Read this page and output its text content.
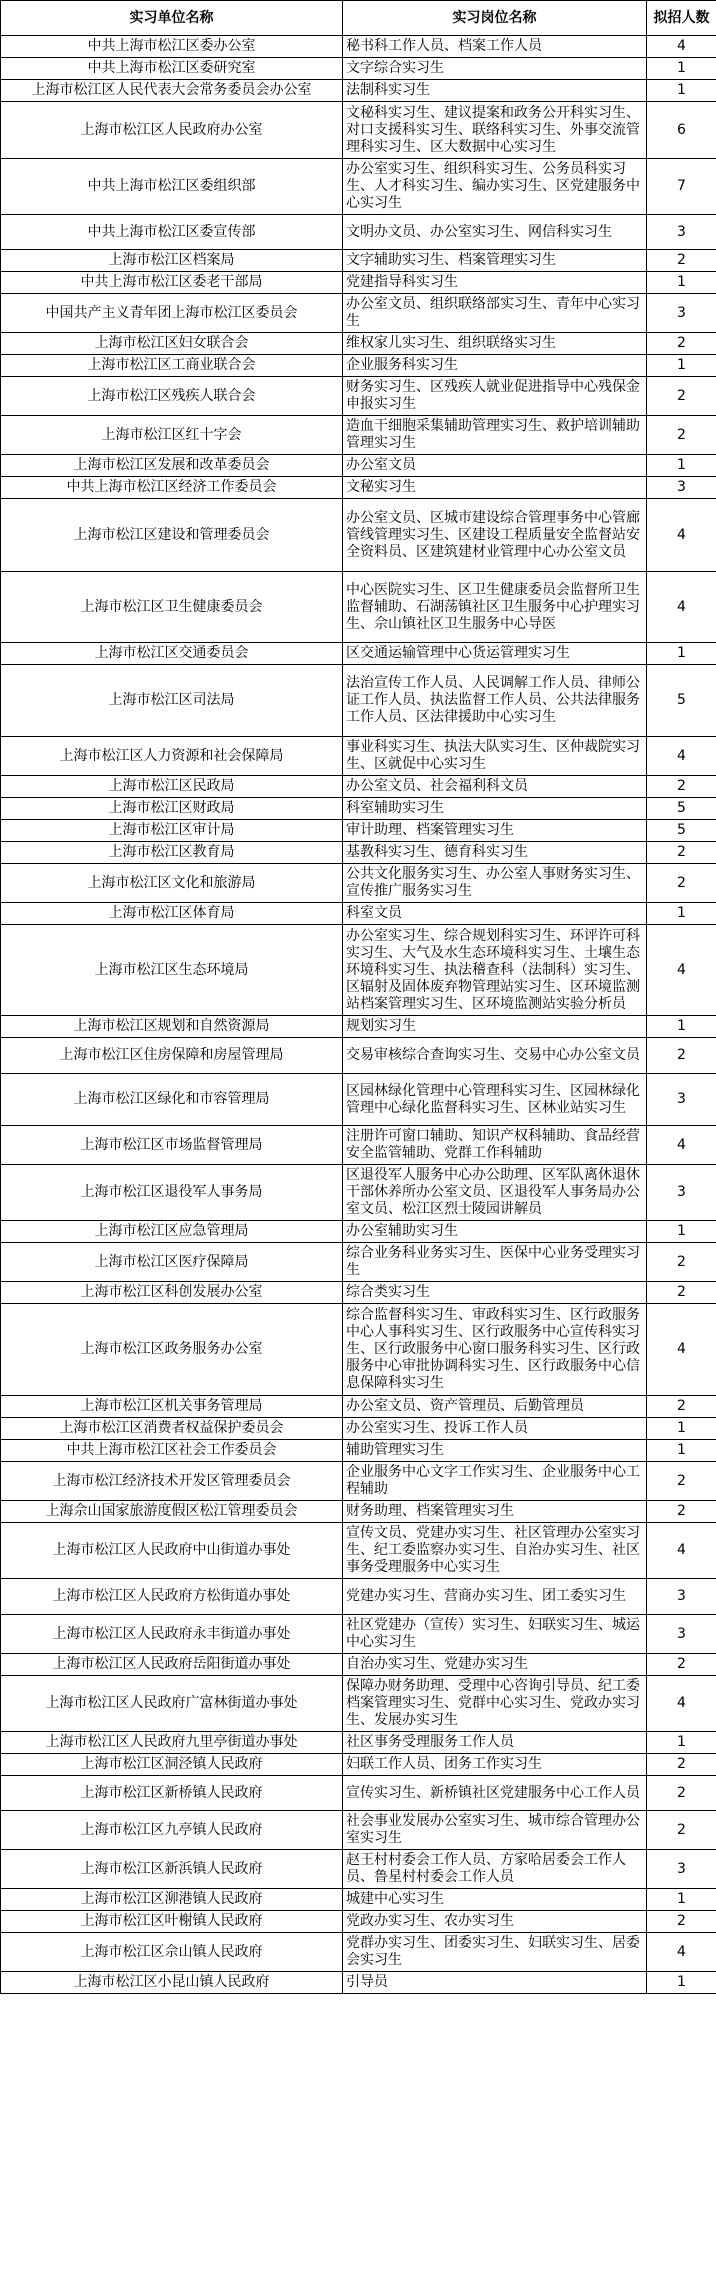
实习单位名称	实习岗位名称	拟招人数
中共上海市松江区委办公室	秘书科工作人员、档案工作人员	4
中共上海市松江区委研究室	文字综合实习生	1
上海市松江区人民代表大会常务委员会办公室	法制科实习生	1
上海市松江区人民政府办公室	文秘科实习生、建议提案和政务公开科实习生、对口支援科实习生、联络科实习生、外事交流管理科实习生、区大数据中心实习生	6
中共上海市松江区委组织部	办公室实习生、组织科实习生、公务员科实习生、人才科实习生、编办实习生、区党建服务中心实习生	7
中共上海市松江区委宣传部	文明办文员、办公室实习生、网信科实习生	3
上海市松江区档案局	文字辅助实习生、档案管理实习生	2
中共上海市松江区委老干部局	党建指导科实习生	1
中国共产主义青年团上海市松江区委员会	办公室文员、组织联络部实习生、青年中心实习生	3
上海市松江区妇女联合会	维权家儿实习生、组织联络实习生	2
上海市松江区工商业联合会	企业服务科实习生	1
上海市松江区残疾人联合会	财务实习生、区残疾人就业促进指导中心残保金申报实习生	2
上海市松江区红十字会	造血干细胞采集辅助管理实习生、救护培训辅助管理实习生	2
上海市松江区发展和改革委员会	办公室文员	1
中共上海市松江区经济工作委员会	文秘实习生	3
上海市松江区建设和管理委员会	办公室文员、区城市建设综合管理事务中心管廊管线管理实习生、区建设工程质量安全监督站安全资料员、区建筑建材业管理中心办公室文员	4
上海市松江区卫生健康委员会	中心医院实习生、区卫生健康委员会监督所卫生监督辅助、石湖荡镇社区卫生服务中心护理实习生、佘山镇社区卫生服务中心导医	4
上海市松江区交通委员会	区交通运输管理中心货运管理实习生	1
上海市松江区司法局	法治宣传工作人员、人民调解工作人员、律师公证工作人员、执法监督工作人员、公共法律服务工作人员、区法律援助中心实习生	5
上海市松江区人力资源和社会保障局	事业科实习生、执法大队实习生、区仲裁院实习生、区就促中心实习生	4
上海市松江区民政局	办公室文员、社会福利科文员	2
上海市松江区财政局	科室辅助实习生	5
上海市松江区审计局	审计助理、档案管理实习生	5
上海市松江区教育局	基教科实习生、德育科实习生	2
上海市松江区文化和旅游局	公共文化服务实习生、办公室人事财务实习生、宣传推广服务实习生	2
上海市松江区体育局	科室文员	1
上海市松江区生态环境局	办公室实习生、综合规划科实习生、环评许可科实习生、大气及水生态环境科实习生、土壤生态环境科实习生、执法稽查科（法制科）实习生、区辐射及固体废弃物管理站实习生、区环境监测站档案管理实习生、区环境监测站实验分析员	4
上海市松江区规划和自然资源局	规划实习生	1
上海市松江区住房保障和房屋管理局	交易审核综合查询实习生、交易中心办公室文员	2
上海市松江区绿化和市容管理局	区园林绿化管理中心管理科实习生、区园林绿化管理中心绿化监督科实习生、区林业站实习生	3
上海市松江区市场监督管理局	注册许可窗口辅助、知识产权科辅助、食品经营安全监管辅助、党群工作科辅助	4
上海市松江区退役军人事务局	区退役军人服务中心办公助理、区军队离休退休干部休养所办公室文员、区退役军人事务局办公室文员、松江区烈士陵园讲解员	3
上海市松江区应急管理局	办公室辅助实习生	1
上海市松江区医疗保障局	综合业务科业务实习生、医保中心业务受理实习生	2
上海市松江区科创发展办公室	综合类实习生	2
上海市松江区政务服务办公室	综合监督科实习生、审政科实习生、区行政服务中心人事科实习生、区行政服务中心宣传科实习生、区行政服务中心窗口服务科实习生、区行政服务中心审批协调科实习生、区行政服务中心信息保障科实习生	4
上海市松江区机关事务管理局	办公室文员、资产管理员、后勤管理员	2
上海市松江区消费者权益保护委员会	办公室实习生、投诉工作人员	1
中共上海市松江区社会工作委员会	辅助管理实习生	1
上海市松江经济技术开发区管理委员会	企业服务中心文字工作实习生、企业服务中心工程辅助	2
上海佘山国家旅游度假区松江管理委员会	财务助理、档案管理实习生	2
上海市松江区人民政府中山街道办事处	宣传文员、党建办实习生、社区管理办公室实习生、纪工委监察办实习生、自治办实习生、社区事务受理服务中心实习生	4
上海市松江区人民政府方松街道办事处	党建办实习生、营商办实习生、团工委实习生	3
上海市松江区人民政府永丰街道办事处	社区党建办（宣传）实习生、妇联实习生、城运中心实习生	3
上海市松江区人民政府岳阳街道办事处	自治办实习生、党建办实习生	2
上海市松江区人民政府广富林街道办事处	保障办财务助理、受理中心咨询引导员、纪工委档案管理实习生、党群中心实习生、党政办实习生、发展办实习生	4
上海市松江区人民政府九里亭街道办事处	社区事务受理服务工作人员	1
上海市松江区洞泾镇人民政府	妇联工作人员、团务工作实习生	2
上海市松江区新桥镇人民政府	宣传实习生、新桥镇社区党建服务中心工作人员	2
上海市松江区九亭镇人民政府	社会事业发展办公室实习生、城市综合管理办公室实习生	2
上海市松江区新浜镇人民政府	赵王村村委会工作人员、方家哈居委会工作人员、鲁星村村委会工作人员	3
上海市松江区泖港镇人民政府	城建中心实习生	1
上海市松江区叶榭镇人民政府	党政办实习生、农办实习生	2
上海市松江区佘山镇人民政府	党群办实习生、团委实习生、妇联实习生、居委会实习生	4
上海市松江区小昆山镇人民政府	引导员	1
